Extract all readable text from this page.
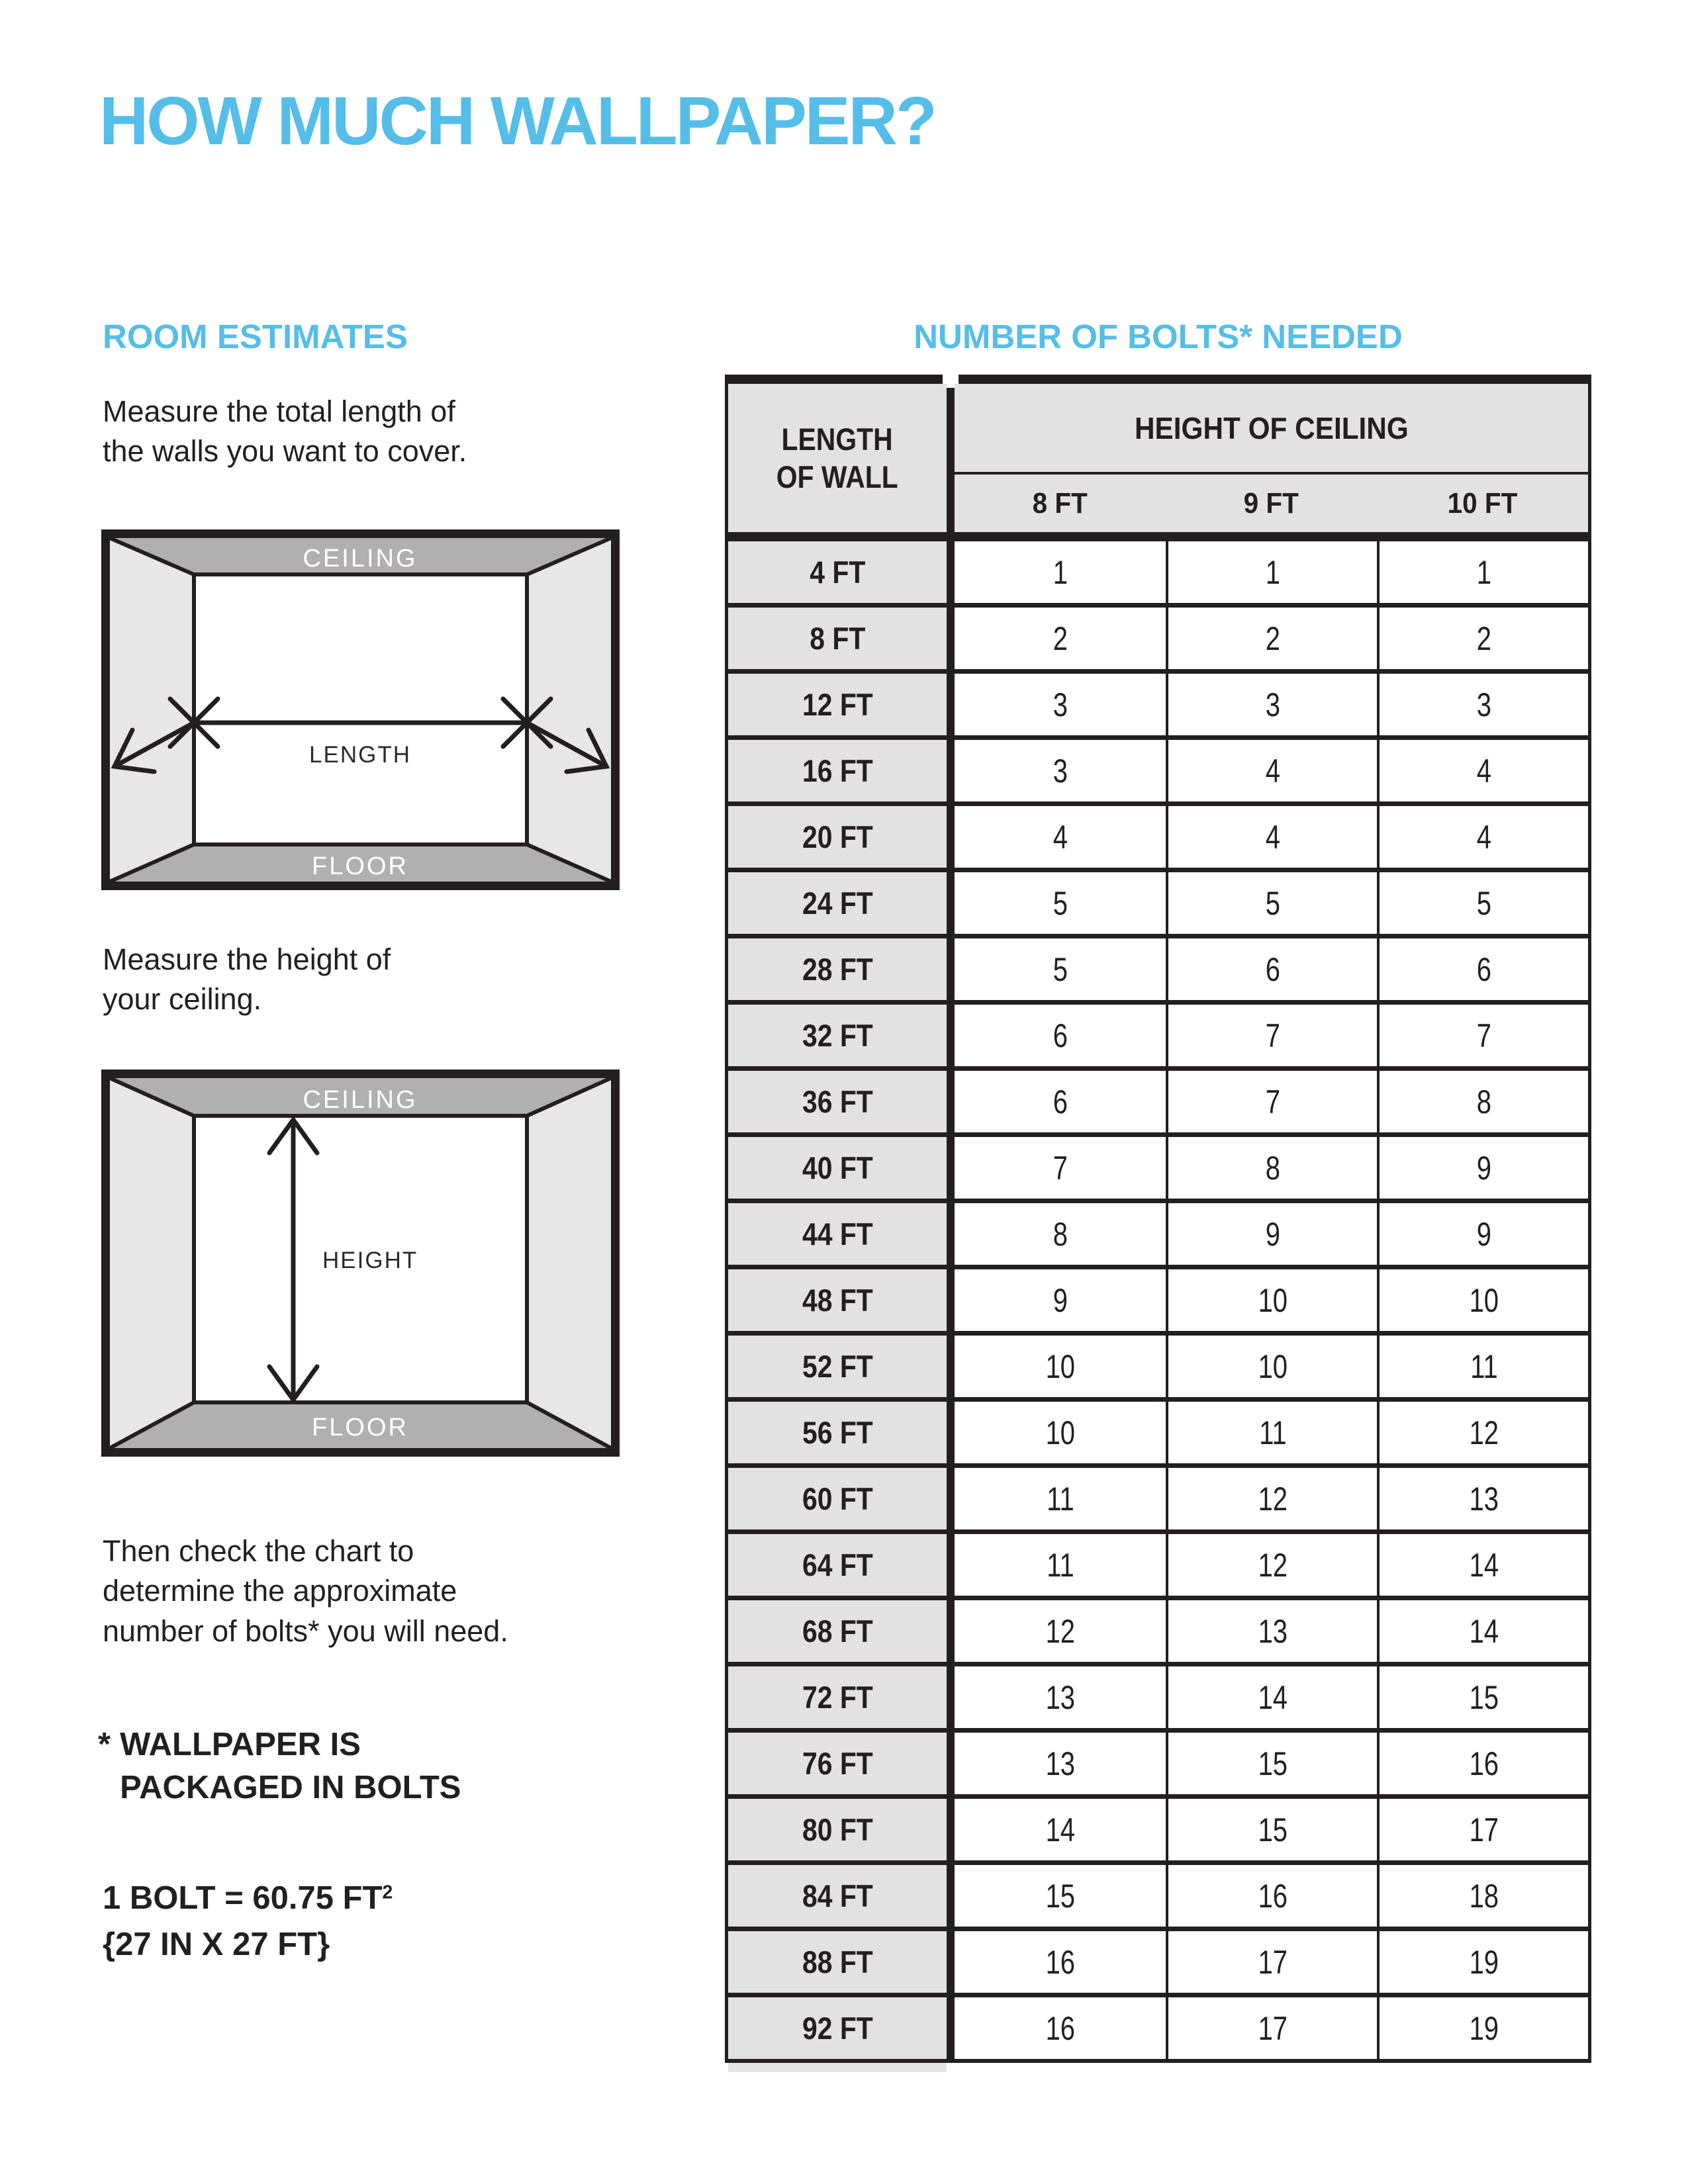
HOW MUCH WALLPAPER?
ROOM ESTIMATES

Measure the total length of
the walls you want to cover.

CEILING
FLOOR
LENGTH

Measure the height of
your ceiling.

CEILING
FLOOR
HEIGHT

Then check the chart to
determine the approximate
number of bolts* you will need.

* WALLPAPER IS
PACKAGED IN BOLTS
1 BOLT = 60.75 $FT^2$
{27 IN X 27 FT}
NUMBER OF BOLTS* NEEDED
LENGTH
OF WALL
HEIGHT OF CEILING
8 FT	9 FT	10 FT
4 FT	1	1	1
8 FT	2	2	2
12 FT	3	3	3
16 FT	3	4	4
20 FT	4	4	4
24 FT	5	5	5
28 FT	5	6	6
32 FT	6	7	7
36 FT	6	7	8
40 FT	7	8	9
44 FT	8	9	9
48 FT	9	10	10
52 FT	10	10	11
56 FT	10	11	12
60 FT	11	12	13
64 FT	11	12	14
68 FT	12	13	14
72 FT	13	14	15
76 FT	13	15	16
80 FT	14	15	17
84 FT	15	16	18
88 FT	16	17	19
92 FT	16	17	19
